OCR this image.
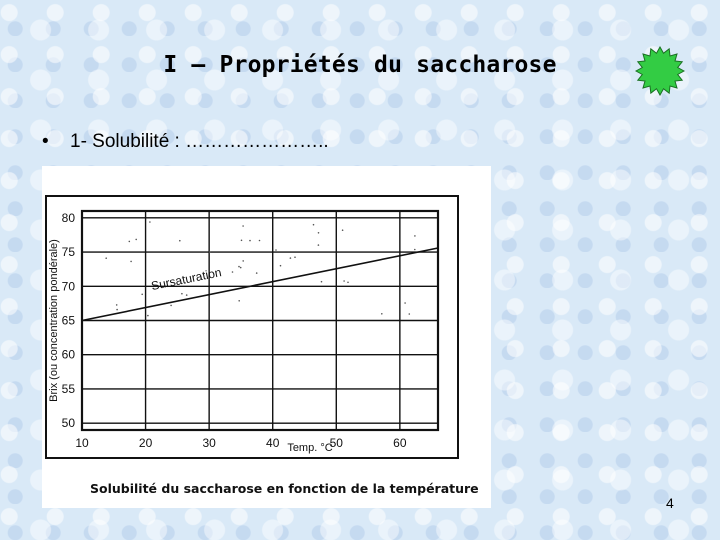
I – Propriétés du saccharose
• 1- Solubilité : …………………..
50
55
60
65
70
75
80
10	20	30	40	50	60
Temp. °C
Brix (ou concentration pondérale)	Sursaturation
Solubilité du saccharose en fonction de la température
4
